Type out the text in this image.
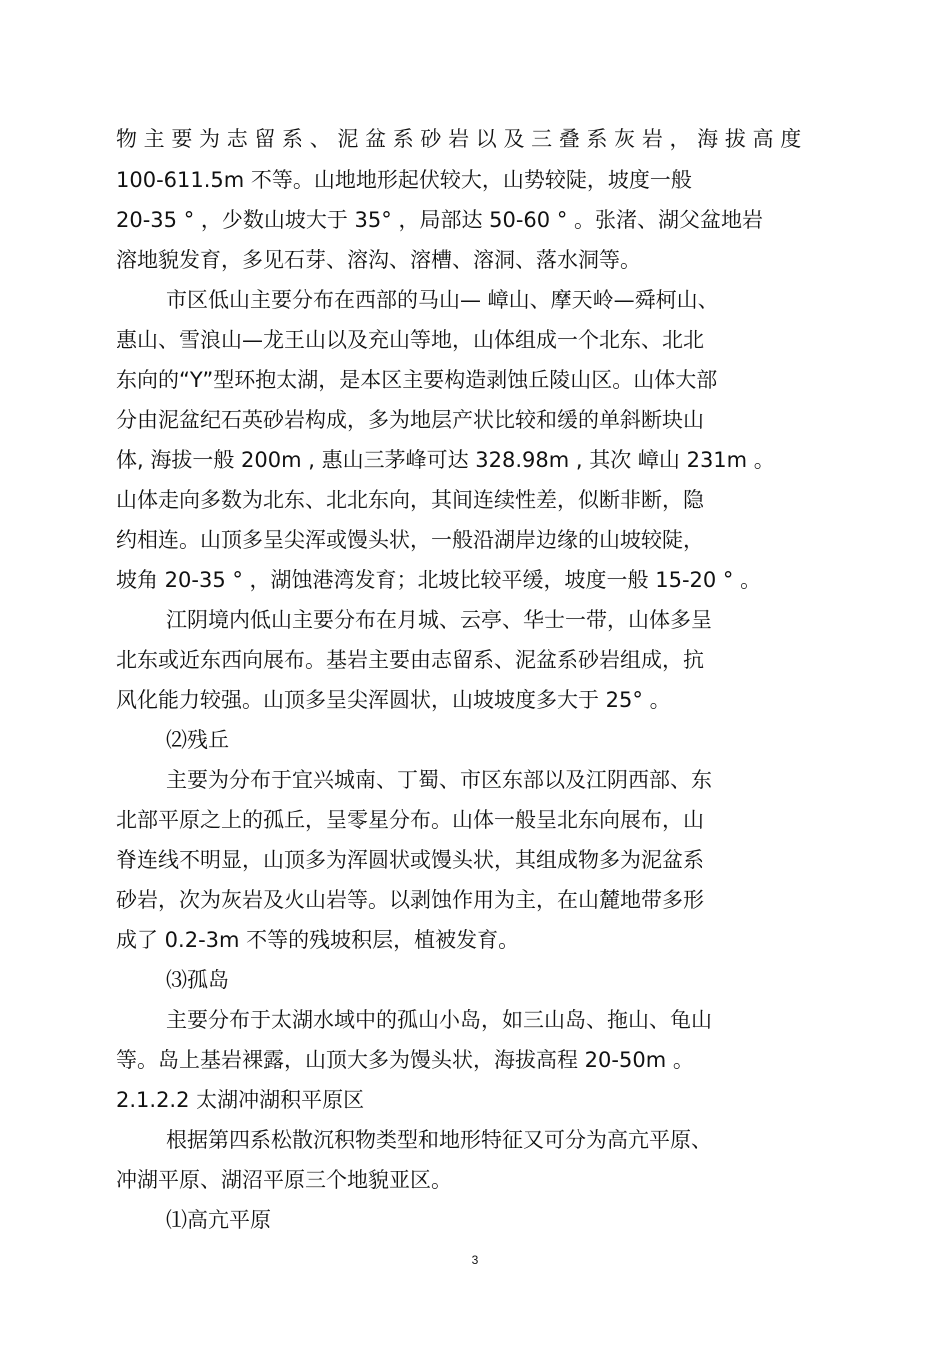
物 主 要 为 志 留 系 、 泥 盆 系 砂 岩 以 及 三 叠 系 灰 岩 ， 海 拔 高 度
100-611.5m 不等。山地地形起伏较大，山势较陡，坡度一般
20-35 ° ，少数山坡大于 35° ，局部达 50-60 ° 。张渚、湖父盆地岩
溶地貌发育，多见石芽、溶沟、溶槽、溶洞、落水洞等。
市区低山主要分布在西部的马山— 嶂山、摩天岭—舜柯山、
惠山、雪浪山—龙王山以及充山等地，山体组成一个北东、北北
东向的“Y”型环抱太湖，是本区主要构造剥蚀丘陵山区。山体大部
分由泥盆纪石英砂岩构成，多为地层产状比较和缓的单斜断块山
体, 海拔一般 200m , 惠山三茅峰可达 328.98m , 其次 嶂山 231m 。
山体走向多数为北东、北北东向，其间连续性差，似断非断，隐
约相连。山顶多呈尖浑或馒头状，一般沿湖岸边缘的山坡较陡，
坡角 20-35 ° ，湖蚀港湾发育；北坡比较平缓，坡度一般 15-20 ° 。
江阴境内低山主要分布在月城、云亭、华士一带，山体多呈
北东或近东西向展布。基岩主要由志留系、泥盆系砂岩组成，抗
风化能力较强。山顶多呈尖浑圆状，山坡坡度多大于 25° 。
⑵残丘
主要为分布于宜兴城南、丁蜀、市区东部以及江阴西部、东
北部平原之上的孤丘，呈零星分布。山体一般呈北东向展布，山
脊连线不明显，山顶多为浑圆状或馒头状，其组成物多为泥盆系
砂岩，次为灰岩及火山岩等。以剥蚀作用为主，在山麓地带多形
成了 0.2-3m 不等的残坡积层，植被发育。
⑶孤岛
主要分布于太湖水域中的孤山小岛，如三山岛、拖山、龟山
等。岛上基岩裸露，山顶大多为馒头状，海拔高程 20-50m 。
2.1.2.2 太湖冲湖积平原区
根据第四系松散沉积物类型和地形特征又可分为高亢平原、
冲湖平原、湖沼平原三个地貌亚区。
⑴高亢平原
3
